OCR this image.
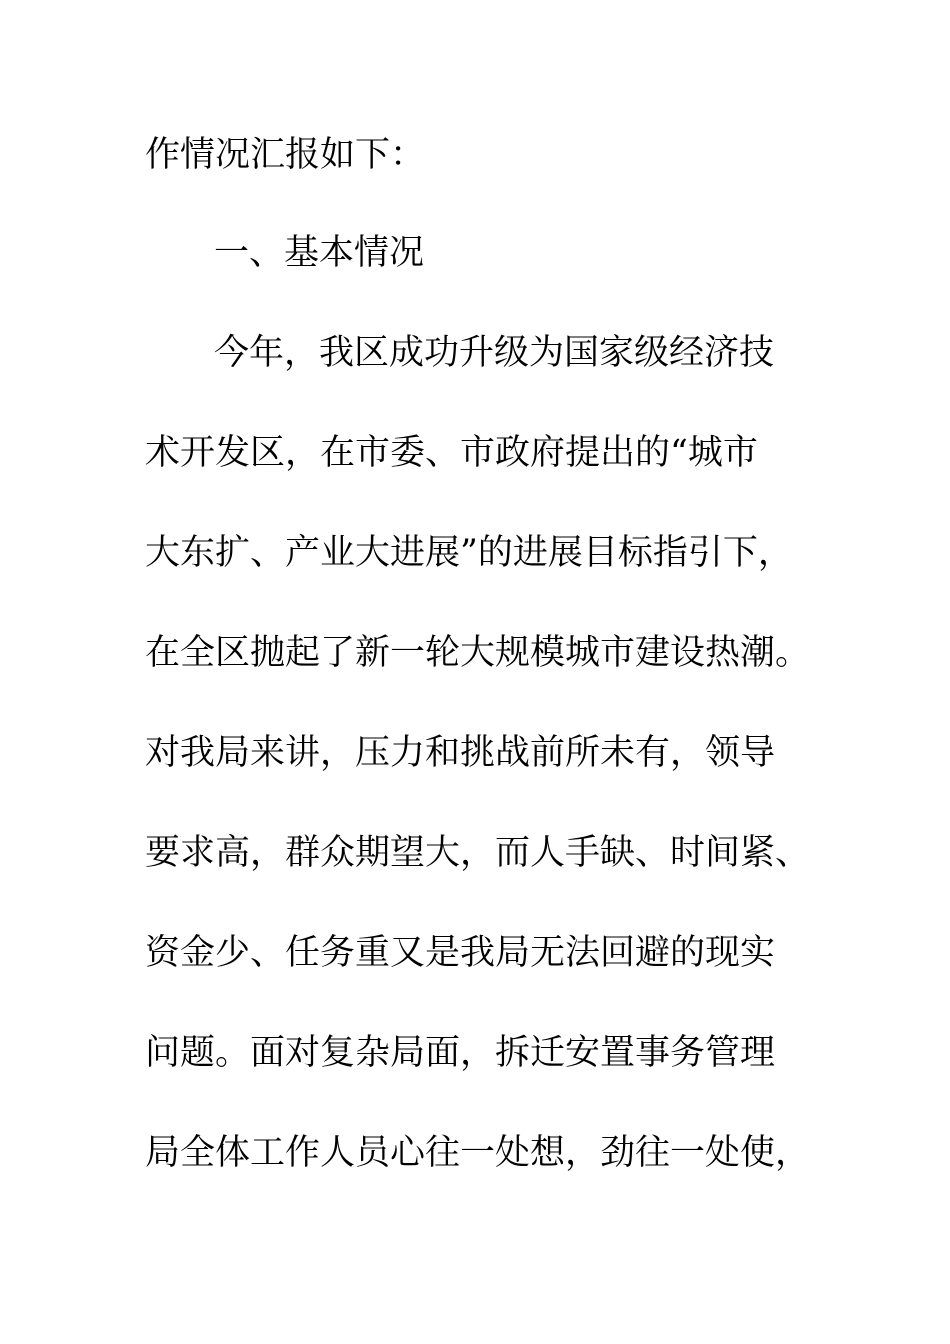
作情况汇报如下：
一、基本情况
今年，我区成功升级为国家级经济技
术开发区，在市委、市政府提出的“城市
大东扩、产业大进展”的进展目标指引下，
在全区抛起了新一轮大规模城市建设热潮。
对我局来讲，压力和挑战前所未有，领导
要求高，群众期望大，而人手缺、时间紧、
资金少、任务重又是我局无法回避的现实
问题。面对复杂局面，拆迁安置事务管理
局全体工作人员心往一处想，劲往一处使，
